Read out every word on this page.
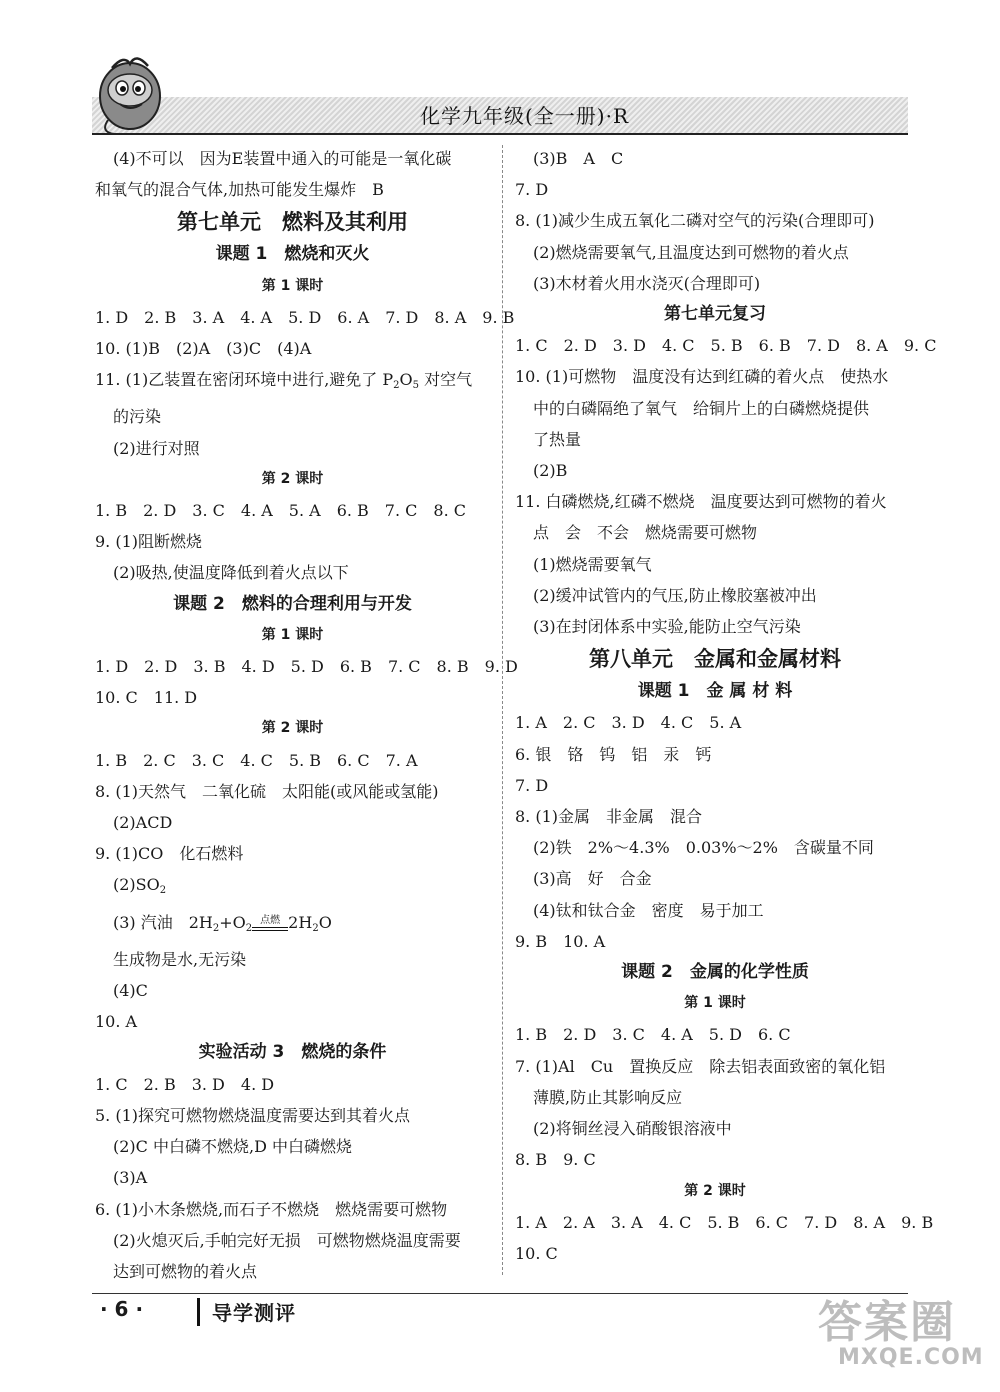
化学九年级(全一册)·R
(4)不可以　因为E装置中通入的可能是一氧化碳
和氧气的混合气体,加热可能发生爆炸　B
第七单元　燃料及其利用
课题 1　燃烧和灭火
第 1 课时
1. D　2. B　3. A　4. A　5. D　6. A　7. D　8. A　9. B
10. (1)B　(2)A　(3)C　(4)A
11. (1)乙装置在密闭环境中进行,避免了 $P_2O_5$ 对空气
的污染
(2)进行对照
第 2 课时
1. B　2. D　3. C　4. A　5. A　6. B　7. C　8. C
9. (1)阻断燃烧
(2)吸热,使温度降低到着火点以下
课题 2　燃料的合理利用与开发
第 1 课时
1. D　2. D　3. B　4. D　5. D　6. B　7. C　8. B　9. D
10. C　11. D
第 2 课时
1. B　2. C　3. C　4. C　5. B　6. C　7. A
8. (1)天然气　二氧化硫　太阳能(或风能或氢能)
(2)ACD
9. (1)CO　化石燃料
$(2)SO_2$
(3) 汽油　$2H_2+O_2$
点燃 $2H_2O$
生成物是水,无污染
(4)C
10. A
实验活动 3　燃烧的条件
1. C　2. B　3. D　4. D
5. (1)探究可燃物燃烧温度需要达到其着火点
(2)C 中白磷不燃烧,D 中白磷燃烧
(3)A
6. (1)小木条燃烧,而石子不燃烧　燃烧需要可燃物
(2)火熄灭后,手帕完好无损　可燃物燃烧温度需要
达到可燃物的着火点
(3)B　A　C
7. D
8. (1)减少生成五氧化二磷对空气的污染(合理即可)
(2)燃烧需要氧气,且温度达到可燃物的着火点
(3)木材着火用水浇灭(合理即可)
第七单元复习
1. C　2. D　3. D　4. C　5. B　6. B　7. D　8. A　9. C
10. (1)可燃物　温度没有达到红磷的着火点　使热水
中的白磷隔绝了氧气　给铜片上的白磷燃烧提供
了热量
(2)B
11. 白磷燃烧,红磷不燃烧　温度要达到可燃物的着火
点　会　不会　燃烧需要可燃物
(1)燃烧需要氧气
(2)缓冲试管内的气压,防止橡胶塞被冲出
(3)在封闭体系中实验,能防止空气污染
第八单元　金属和金属材料
课题 1　金 属 材 料
1. A　2. C　3. D　4. C　5. A
6. 银　铬　钨　铝　汞　钙
7. D
8. (1)金属　非金属　混合
(2)铁　2%～4.3%　0.03%～2%　含碳量不同
(3)高　好　合金
(4)钛和钛合金　密度　易于加工
9. B　10. A
课题 2　金属的化学性质
第 1 课时
1. B　2. D　3. C　4. A　5. D　6. C
7. (1)Al　Cu　置换反应　除去铝表面致密的氧化铝
薄膜,防止其影响反应
(2)将铜丝浸入硝酸银溶液中
8. B　9. C
第 2 课时
1. A　2. A　3. A　4. C　5. B　6. C　7. D　8. A　9. B
10. C
· 6 ·	导学测评	答案圈
MXQE.COM
